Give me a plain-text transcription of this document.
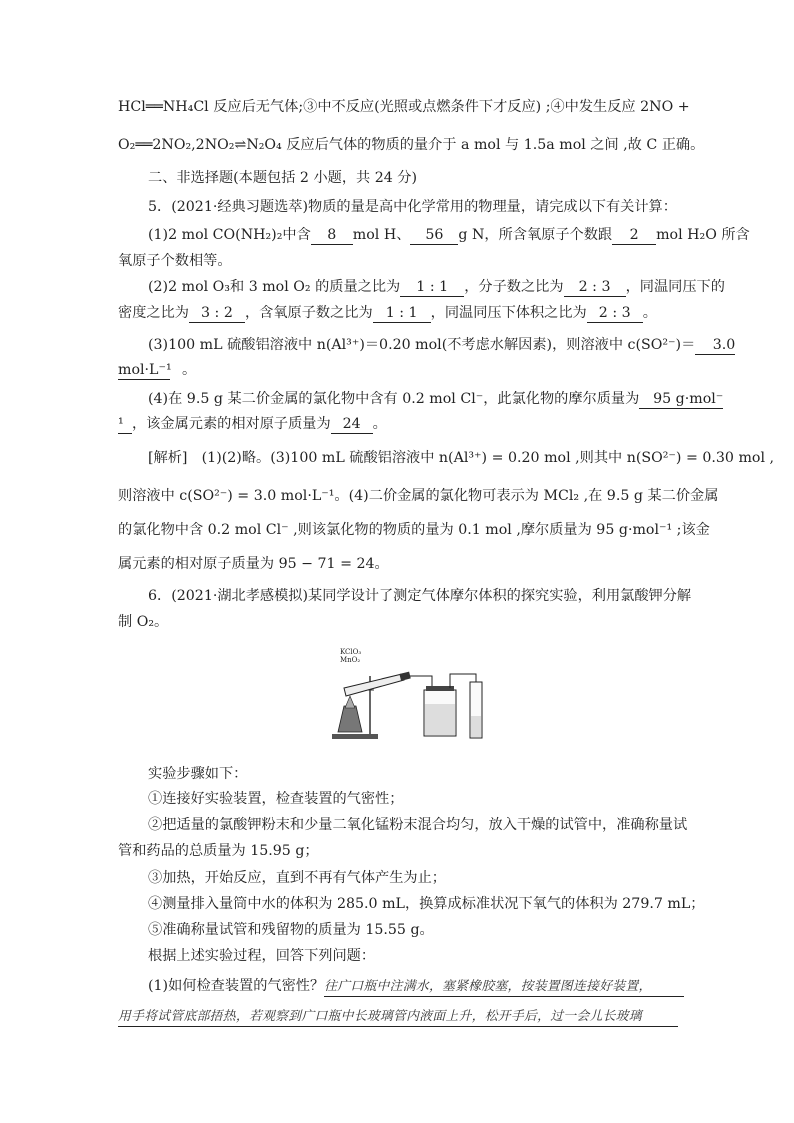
HCl══NH₄Cl 反应后无气体;③中不反应(光照或点燃条件下才反应) ;④中发生反应 2NO +
O₂══2NO₂,2NO₂⇌N₂O₄ 反应后气体的物质的量介于 a mol 与 1.5a mol 之间 ,故 C 正确。
二、非选择题(本题包括 2 小题，共 24 分)
5．(2021·经典习题选萃)物质的量是高中化学常用的物理量，请完成以下有关计算：
(1)2 mol CO(NH₂)₂中含 8 mol H、 56 g N，所含氧原子个数跟 2 mol H₂O 所含
氧原子个数相等。
(2)2 mol O₃和 3 mol O₂ 的质量之比为 1 : 1 ，分子数之比为 2 : 3 ，同温同压下的
密度之比为 3 : 2 ，含氧原子数之比为 1 : 1 ，同温同压下体积之比为 2 : 3 。
(3)100 mL 硫酸铝溶液中 n(Al³⁺)＝0.20 mol(不考虑水解因素)，则溶液中 c(SO²⁻)＝ 3.0
mol·L⁻¹ 。
(4)在 9.5 g 某二价金属的氯化物中含有 0.2 mol Cl⁻，此氯化物的摩尔质量为 95 g·mol⁻
¹ ，该金属元素的相对原子质量为 24 。
[解析]　(1)(2)略。(3)100 mL 硫酸铝溶液中 n(Al³⁺) = 0.20 mol ,则其中 n(SO²⁻) = 0.30 mol ,
则溶液中 c(SO²⁻) = 3.0 mol·L⁻¹。(4)二价金属的氯化物可表示为 MCl₂ ,在 9.5 g 某二价金属
的氯化物中含 0.2 mol Cl⁻ ,则该氯化物的物质的量为 0.1 mol ,摩尔质量为 95 g·mol⁻¹ ;该金
属元素的相对原子质量为 95 − 71 = 24。
6．(2021·湖北孝感模拟)某同学设计了测定气体摩尔体积的探究实验，利用氯酸钾分解
制 O₂。
KClO₃
MnO₂
实验步骤如下：
①连接好实验装置，检查装置的气密性；
②把适量的氯酸钾粉末和少量二氧化锰粉末混合均匀，放入干燥的试管中，准确称量试
管和药品的总质量为 15.95 g；
③加热，开始反应，直到不再有气体产生为止；
④测量排入量筒中水的体积为 285.0 mL，换算成标准状况下氧气的体积为 279.7 mL；
⑤准确称量试管和残留物的质量为 15.55 g。
根据上述实验过程，回答下列问题：
(1)如何检查装置的气密性？往广口瓶中注满水，塞紧橡胶塞，按装置图连接好装置，
用手将试管底部捂热，若观察到广口瓶中长玻璃管内液面上升，松开手后，过一会儿长玻璃
